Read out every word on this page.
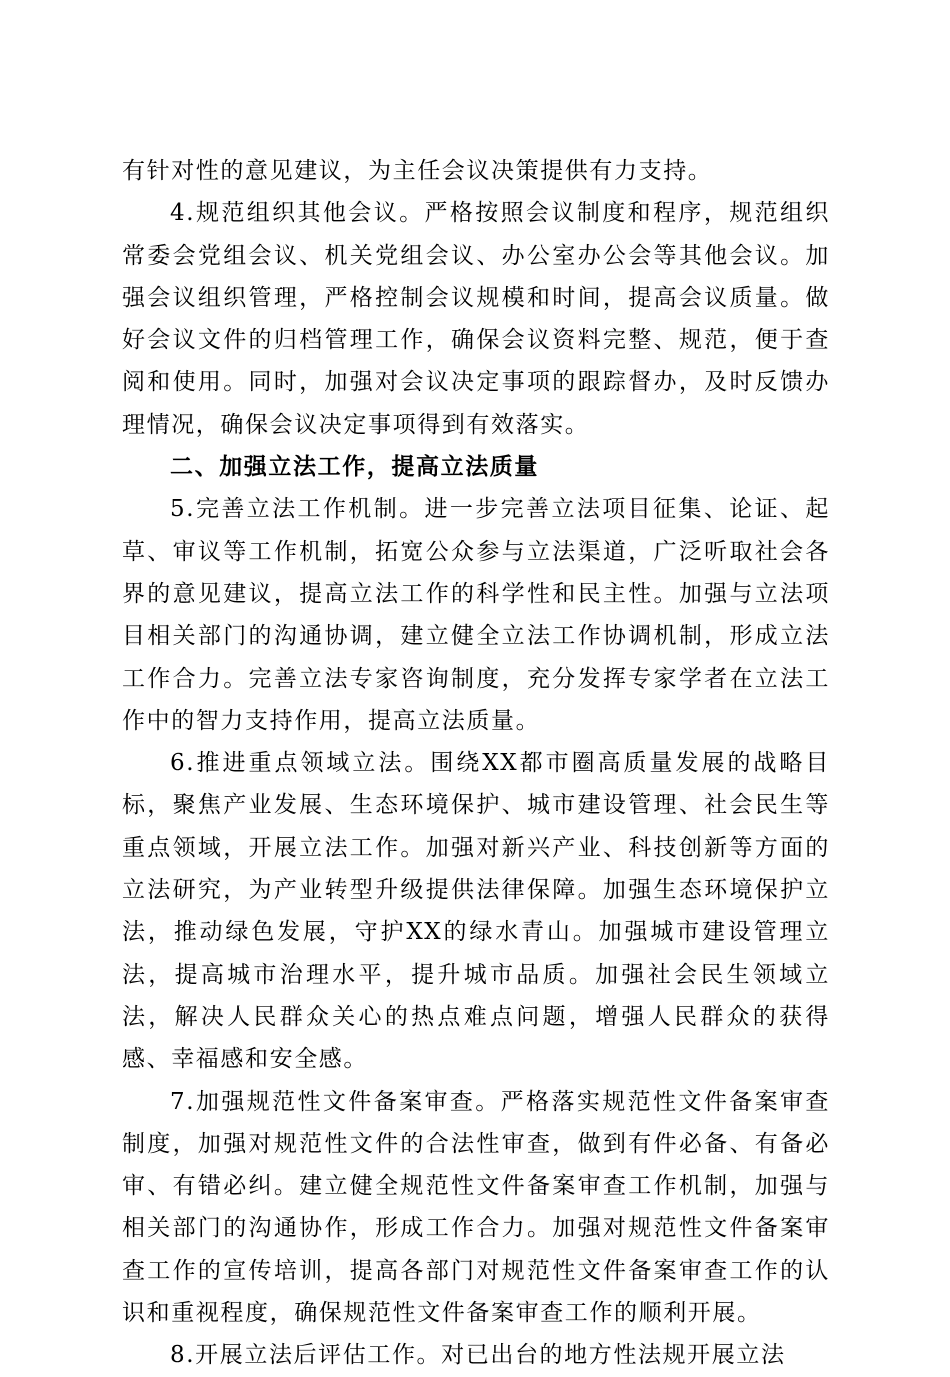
有针对性的意见建议，为主任会议决策提供有力支持。

4.规范组织其他会议。严格按照会议制度和程序，规范组织常委会党组会议、机关党组会议、办公室办公会等其他会议。加强会议组织管理，严格控制会议规模和时间，提高会议质量。做好会议文件的归档管理工作，确保会议资料完整、规范，便于查阅和使用。同时，加强对会议决定事项的跟踪督办，及时反馈办理情况，确保会议决定事项得到有效落实。

二、加强立法工作，提高立法质量

5.完善立法工作机制。进一步完善立法项目征集、论证、起草、审议等工作机制，拓宽公众参与立法渠道，广泛听取社会各界的意见建议，提高立法工作的科学性和民主性。加强与立法项目相关部门的沟通协调，建立健全立法工作协调机制，形成立法工作合力。完善立法专家咨询制度，充分发挥专家学者在立法工作中的智力支持作用，提高立法质量。

6.推进重点领域立法。围绕XX都市圈高质量发展的战略目标，聚焦产业发展、生态环境保护、城市建设管理、社会民生等重点领域，开展立法工作。加强对新兴产业、科技创新等方面的立法研究，为产业转型升级提供法律保障。加强生态环境保护立法，推动绿色发展，守护XX的绿水青山。加强城市建设管理立法，提高城市治理水平，提升城市品质。加强社会民生领域立法，解决人民群众关心的热点难点问题，增强人民群众的获得感、幸福感和安全感。

7.加强规范性文件备案审查。严格落实规范性文件备案审查制度，加强对规范性文件的合法性审查，做到有件必备、有备必审、有错必纠。建立健全规范性文件备案审查工作机制，加强与相关部门的沟通协作，形成工作合力。加强对规范性文件备案审查工作的宣传培训，提高各部门对规范性文件备案审查工作的认识和重视程度，确保规范性文件备案审查工作的顺利开展。

8.开展立法后评估工作。对已出台的地方性法规开展立法
